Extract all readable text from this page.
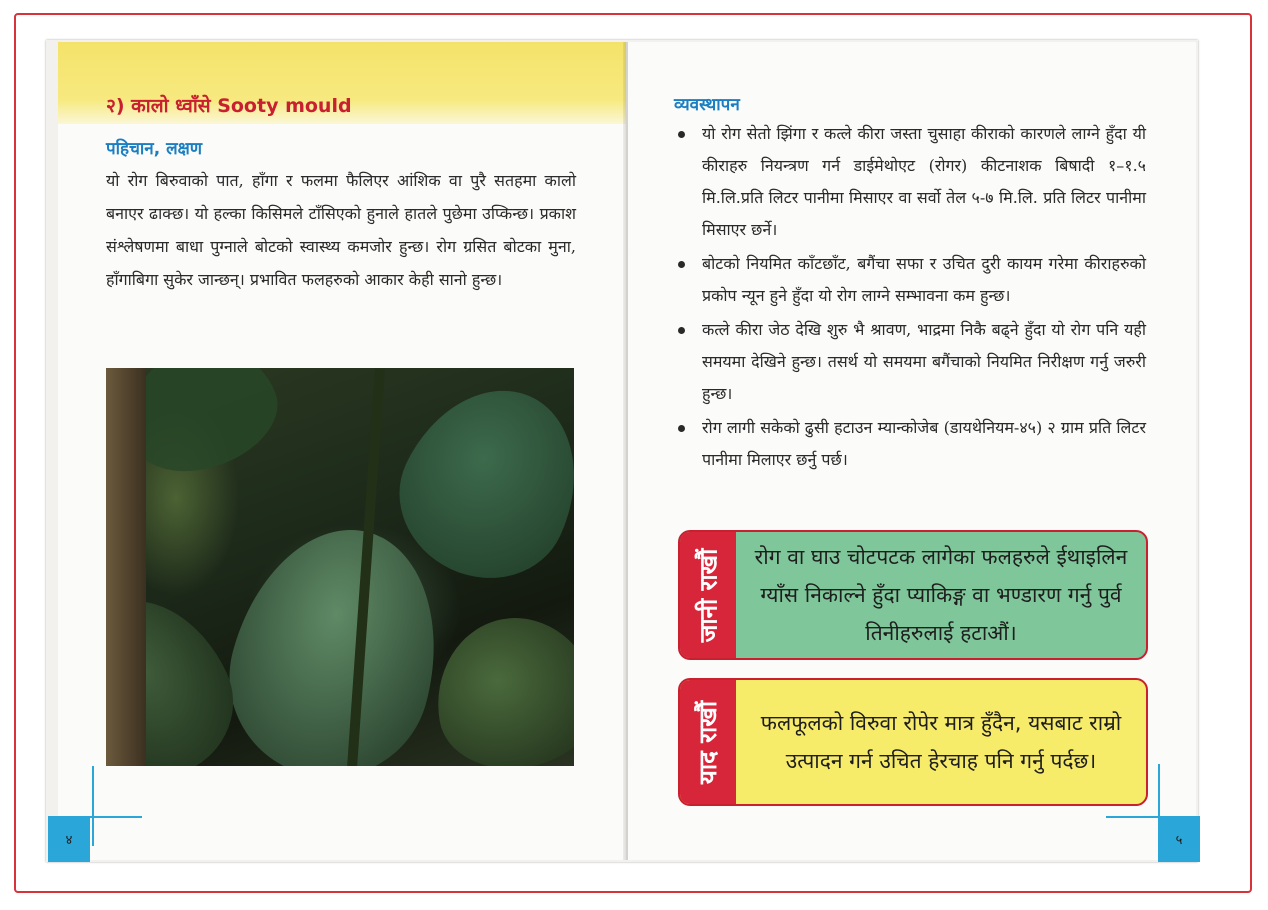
२) कालो ध्वाँसे Sooty mould
पहिचान, लक्षण
यो रोग बिरुवाको पात, हाँगा र फलमा फैलिएर आंशिक वा पुरै सतहमा कालो बनाएर ढाक्छ। यो हल्का किसिमले टाँसिएको हुनाले हातले पुछेमा उप्किन्छ। प्रकाश संश्लेषणमा बाधा पुग्नाले बोटको स्वास्थ्य कमजोर हुन्छ। रोग ग्रसित बोटका मुना, हाँगाबिगा सुकेर जान्छन्। प्रभावित फलहरुको आकार केही सानो हुन्छ।
४
व्यवस्थापन
यो रोग सेतो झिंगा र कत्ले कीरा जस्ता चुसाहा कीराको कारणले लाग्ने हुँदा यी कीराहरु नियन्त्रण गर्न डाईमेथोएट (रोगर) कीटनाशक बिषादी १–१.५ मि.लि.प्रति लिटर पानीमा मिसाएर वा सर्वो तेल ५-७ मि.लि. प्रति लिटर पानीमा मिसाएर छर्ने।
बोटको नियमित काँटछाँट, बगैंचा सफा र उचित दुरी कायम गरेमा कीराहरुको प्रकोप न्यून हुने हुँदा यो रोग लाग्ने सम्भावना कम हुन्छ।
कत्ले कीरा जेठ देखि शुरु भै श्रावण, भाद्रमा निकै बढ्ने हुँदा यो रोग पनि यही समयमा देखिने हुन्छ। तसर्थ यो समयमा बगैंचाको नियमित निरीक्षण गर्नु जरुरी हुन्छ।
रोग लागी सकेको ढुसी हटाउन म्यान्कोजेब (डायथेनियम-४५) २ ग्राम प्रति लिटर पानीमा मिलाएर छर्नु पर्छ।
जानी राखौं	रोग वा घाउ चोटपटक लागेका फलहरुले ईथाइलिन ग्याँस निकाल्ने हुँदा प्याकिङ्ग वा भण्डारण गर्नु पुर्व तिनीहरुलाई हटाऔं।
याद राखौं	फलफूलको विरुवा रोपेर मात्र हुँदैन, यसबाट राम्रो उत्पादन गर्न उचित हेरचाह पनि गर्नु पर्दछ।
५
